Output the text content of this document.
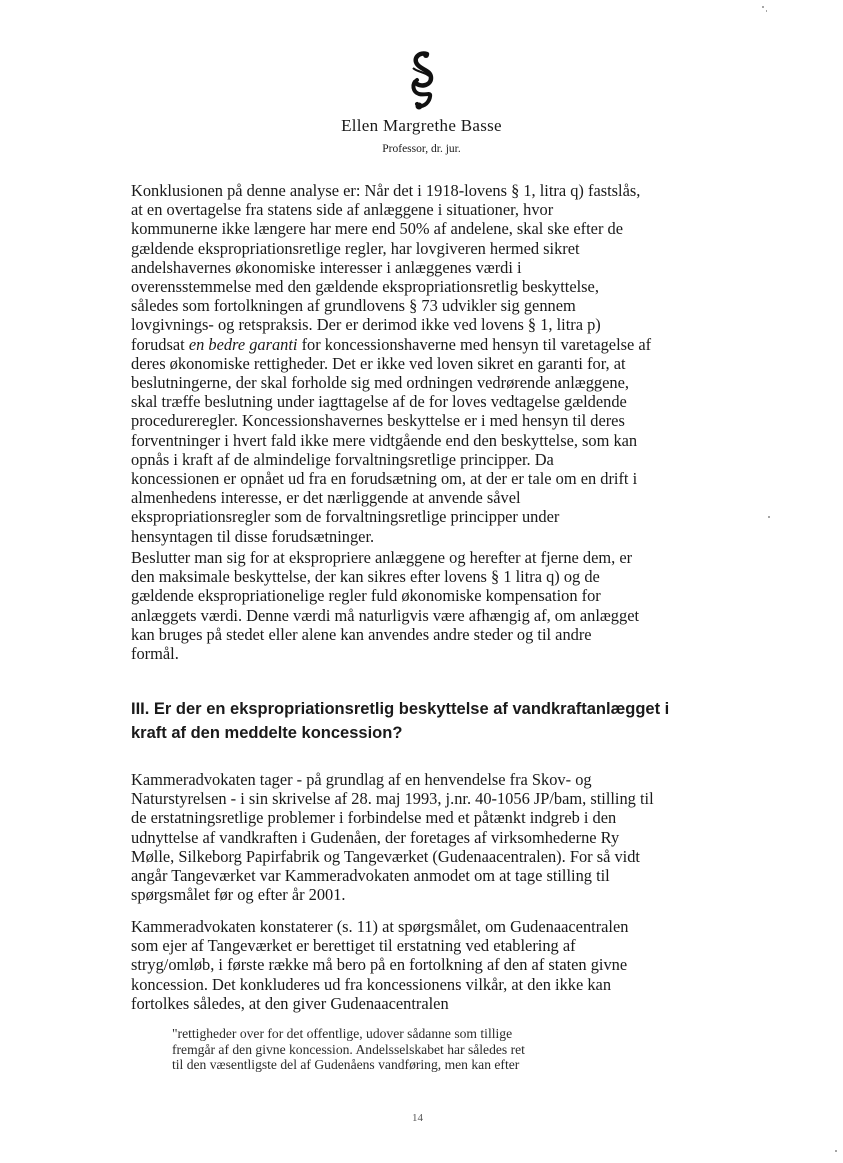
Ellen Margrethe Basse
Professor, dr. jur.

Konklusionen på denne analyse er: Når det i 1918-lovens § 1, litra q) fastslås,

at en overtagelse fra statens side af anlæggene i situationer, hvor

kommunerne ikke længere har mere end 50% af andelene, skal ske efter de

gældende ekspropriationsretlige regler, har lovgiveren hermed sikret

andelshavernes økonomiske interesser i anlæggenes værdi i

overensstemmelse med den gældende ekspropriationsretlig beskyttelse,

således som fortolkningen af grundlovens § 73 udvikler sig gennem

lovgivnings- og retspraksis. Der er derimod ikke ved lovens § 1, litra p)

forudsat en bedre garanti for koncessionshaverne med hensyn til varetagelse af

deres økonomiske rettigheder. Det er ikke ved loven sikret en garanti for, at

beslutningerne, der skal forholde sig med ordningen vedrørende anlæggene,

skal træffe beslutning under iagttagelse af de for loves vedtagelse gældende

procedureregler. Koncessionshavernes beskyttelse er i med hensyn til deres

forventninger i hvert fald ikke mere vidtgående end den beskyttelse, som kan

opnås i kraft af de almindelige forvaltningsretlige principper. Da

koncessionen er opnået ud fra en forudsætning om, at der er tale om en drift i

almenhedens interesse, er det nærliggende at anvende såvel

ekspropriationsregler som de forvaltningsretlige principper under

hensyntagen til disse forudsætninger.

Beslutter man sig for at ekspropriere anlæggene og herefter at fjerne dem, er

den maksimale beskyttelse, der kan sikres efter lovens § 1 litra q) og de

gældende ekspropriationelige regler fuld økonomiske kompensation for

anlæggets værdi. Denne værdi må naturligvis være afhængig af, om anlægget

kan bruges på stedet eller alene kan anvendes andre steder og til andre

formål.

III. Er der en ekspropriationsretlig beskyttelse af vandkraftanlægget i

kraft af den meddelte koncession?

Kammeradvokaten tager - på grundlag af en henvendelse fra Skov- og

Naturstyrelsen - i sin skrivelse af 28. maj 1993, j.nr. 40-1056 JP/bam, stilling til

de erstatningsretlige problemer i forbindelse med et påtænkt indgreb i den

udnyttelse af vandkraften i Gudenåen, der foretages af virksomhederne Ry

Mølle, Silkeborg Papirfabrik og Tangeværket (Gudenaacentralen). For så vidt

angår Tangeværket var Kammeradvokaten anmodet om at tage stilling til

spørgsmålet før og efter år 2001.

Kammeradvokaten konstaterer (s. 11) at spørgsmålet, om Gudenaacentralen

som ejer af Tangeværket er berettiget til erstatning ved etablering af

stryg/omløb, i første række må bero på en fortolkning af den af staten givne

koncession. Det konkluderes ud fra koncessionens vilkår, at den ikke kan

fortolkes således, at den giver Gudenaacentralen

"rettigheder over for det offentlige, udover sådanne som tillige

fremgår af den givne koncession. Andelsselskabet har således ret

til den væsentligste del af Gudenåens vandføring, men kan efter

14
